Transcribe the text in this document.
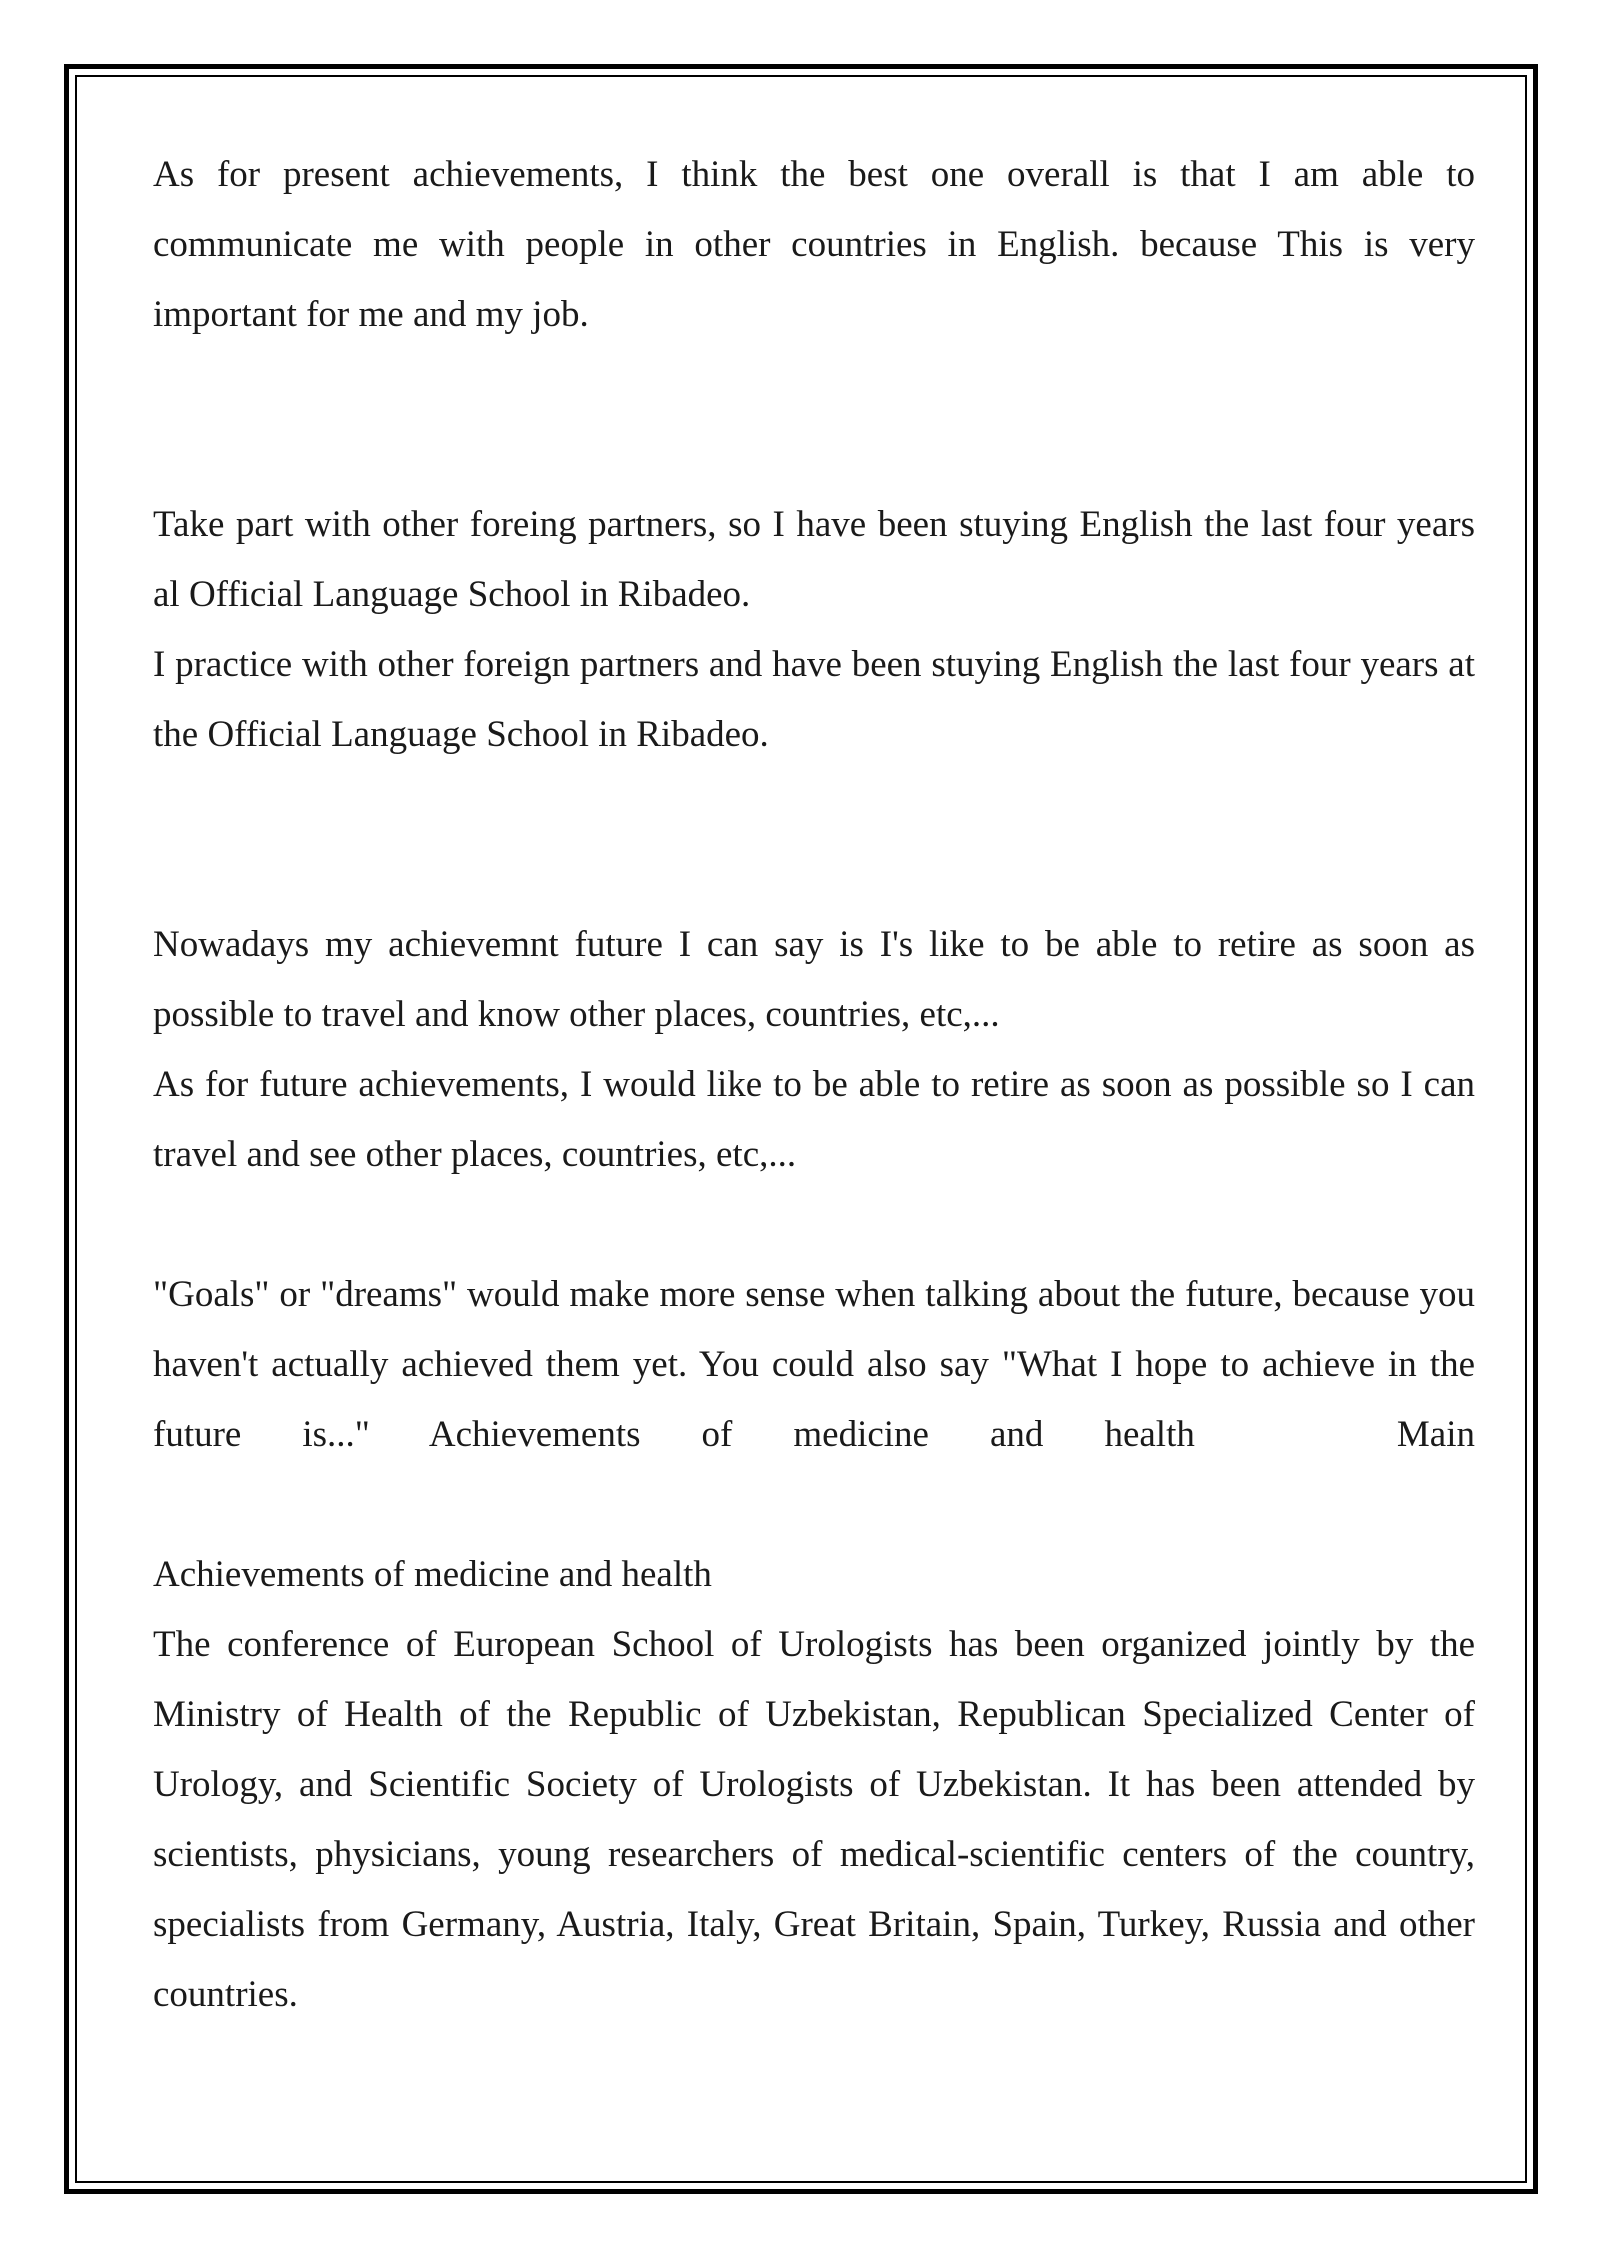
As for present achievements, I think the best one overall is that I am able to communicate me with people in other countries in English. because This is very important for me and my job.

Take part with other foreing partners, so I have been stuying English the last four years al Official Language School in Ribadeo.

I practice with other foreign partners and have been stuying English the last four years at the Official Language School in Ribadeo.

Nowadays my achievemnt future I can say is I's like to be able to retire as soon as possible to travel and know other places, countries, etc,...

As for future achievements, I would like to be able to retire as soon as possible so I can travel and see other places, countries, etc,...

"Goals" or "dreams" would make more sense when talking about the future, because you haven't actually achieved them yet. You could also say "What I hope to achieve in the future is..." Achievements of medicine and health	Main

Achievements of medicine and health

The conference of European School of Urologists has been organized jointly by the Ministry of Health of the Republic of Uzbekistan, Republican Specialized Center of Urology, and Scientific Society of Urologists of Uzbekistan. It has been attended by scientists, physicians, young researchers of medical-scientific centers of the country, specialists from Germany, Austria, Italy, Great Britain, Spain, Turkey, Russia and other countries.
